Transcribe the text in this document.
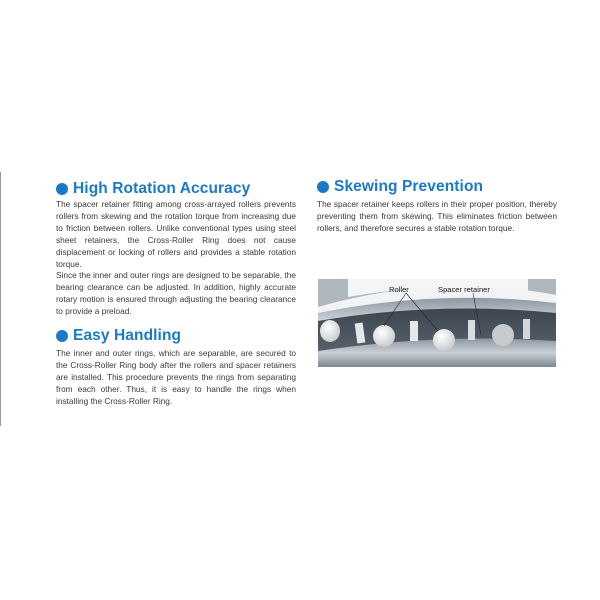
High Rotation Accuracy

The spacer retainer fitting among cross-arrayed rollers prevents rollers from skewing and the rotation torque from increasing due to friction between rollers. Unlike conventional types using steel sheet retainers, the Cross-Roller Ring does not cause displacement or locking of rollers and provides a stable rotation torque.

Since the inner and outer rings are designed to be separable, the bearing clearance can be adjusted. In addition, highly accurate rotary motion is ensured through adjusting the bearing clearance to provide a preload.

Easy Handling

The inner and outer rings, which are separable, are secured to the Cross-Roller Ring body after the rollers and spacer retainers are installed. This procedure prevents the rings from separating from each other. Thus, it is easy to handle the rings when installing the Cross-Roller Ring.

Skewing Prevention

The spacer retainer keeps rollers in their proper position, thereby preventing them from skewing. This eliminates friction between rollers, and therefore secures a stable rotation torque.

Roller	Spacer retainer
